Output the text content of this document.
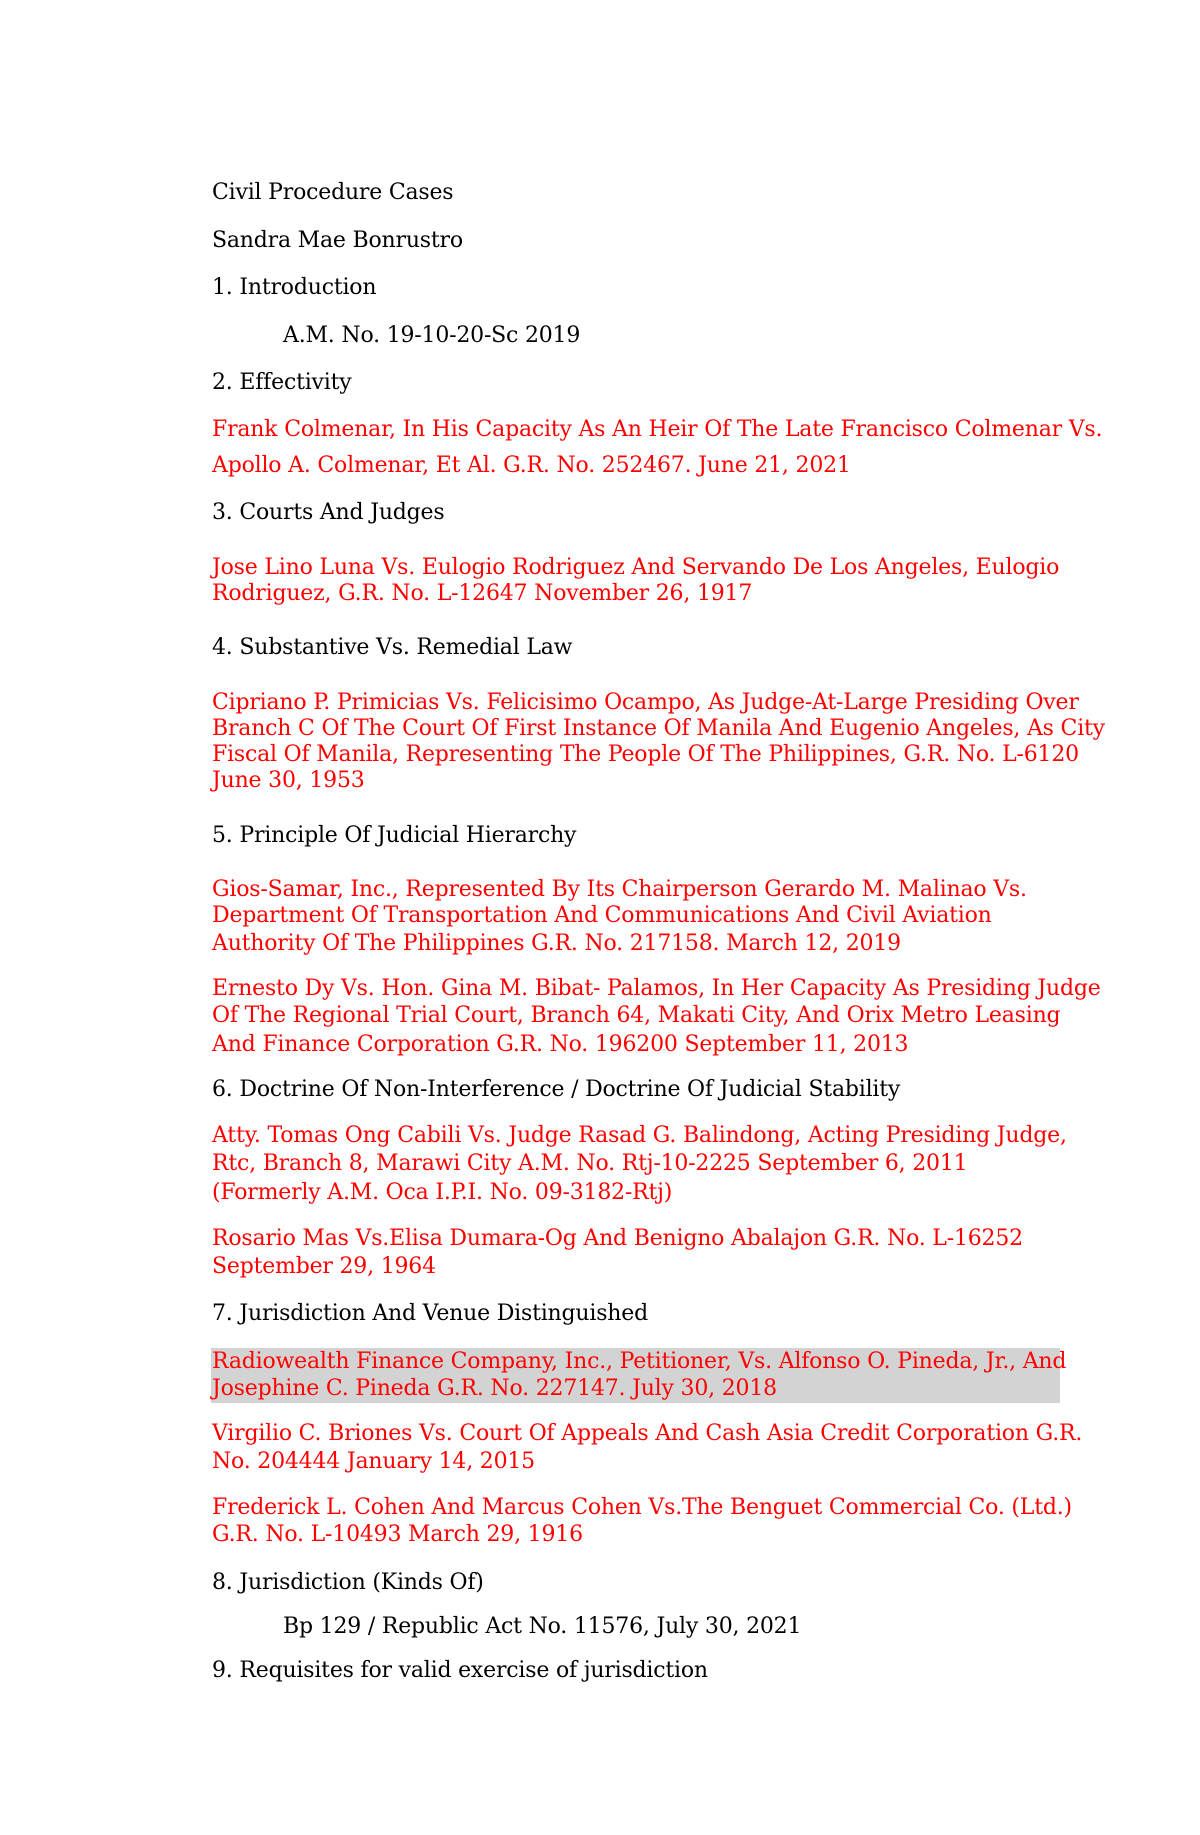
Civil Procedure Cases
Sandra Mae Bonrustro
1. Introduction
A.M. No. 19-10-20-Sc 2019
2. Effectivity
Frank Colmenar, In His Capacity As An Heir Of The Late Francisco Colmenar Vs.
Apollo A. Colmenar, Et Al. G.R. No. 252467. June 21, 2021
3. Courts And Judges
Jose Lino Luna Vs. Eulogio Rodriguez And Servando De Los Angeles, Eulogio
Rodriguez, G.R. No. L-12647 November 26, 1917
4. Substantive Vs. Remedial Law
Cipriano P. Primicias Vs. Felicisimo Ocampo, As Judge-At-Large Presiding Over
Branch C Of The Court Of First Instance Of Manila And Eugenio Angeles, As City
Fiscal Of Manila, Representing The People Of The Philippines, G.R. No. L-6120
June 30, 1953
5. Principle Of Judicial Hierarchy
Gios-Samar, Inc., Represented By Its Chairperson Gerardo M. Malinao Vs.
Department Of Transportation And Communications And Civil Aviation
Authority Of The Philippines G.R. No. 217158. March 12, 2019
Ernesto Dy Vs. Hon. Gina M. Bibat- Palamos, In Her Capacity As Presiding Judge
Of The Regional Trial Court, Branch 64, Makati City, And Orix Metro Leasing
And Finance Corporation G.R. No. 196200 September 11, 2013
6. Doctrine Of Non-Interference / Doctrine Of Judicial Stability
Atty. Tomas Ong Cabili Vs. Judge Rasad G. Balindong, Acting Presiding Judge,
Rtc, Branch 8, Marawi City A.M. No. Rtj-10-2225 September 6, 2011
(Formerly A.M. Oca I.P.I. No. 09-3182-Rtj)
Rosario Mas Vs.Elisa Dumara-Og And Benigno Abalajon G.R. No. L-16252
September 29, 1964
7. Jurisdiction And Venue Distinguished
Radiowealth Finance Company, Inc., Petitioner, Vs. Alfonso O. Pineda, Jr., And
Josephine C. Pineda G.R. No. 227147. July 30, 2018
Virgilio C. Briones Vs. Court Of Appeals And Cash Asia Credit Corporation G.R.
No. 204444 January 14, 2015
Frederick L. Cohen And Marcus Cohen Vs.The Benguet Commercial Co. (Ltd.)
G.R. No. L-10493 March 29, 1916
8. Jurisdiction (Kinds Of)
Bp 129 / Republic Act No. 11576, July 30, 2021
9. Requisites for valid exercise of jurisdiction
